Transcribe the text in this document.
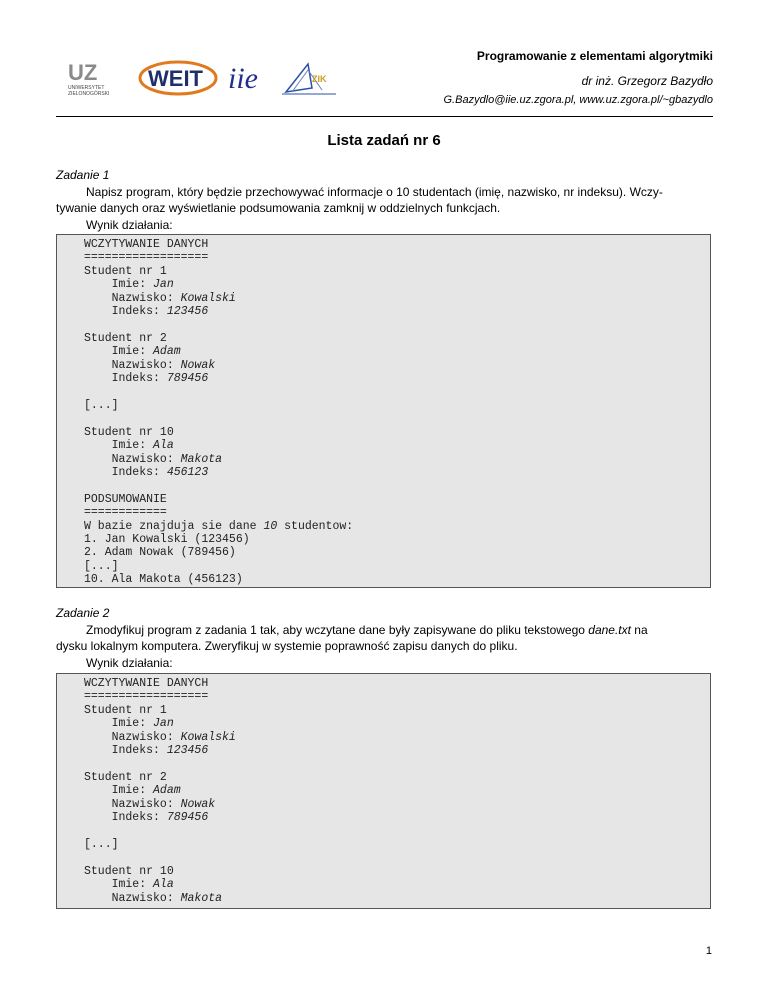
UZ
UNIWERSYTET
ZIELONOGÓRSKI
WEIT iie	ZIK
Programowanie z elementami algorytmiki
dr inż. Grzegorz Bazydło
G.Bazydlo@iie.uz.zgora.pl, www.uz.zgora.pl/~gbazydlo
Lista zadań nr 6
Zadanie 1
Napisz program, który będzie przechowywać informacje o 10 studentach (imię, nazwisko, nr indeksu). Wczy-
tywanie danych oraz wyświetlanie podsumowania zamknij w oddzielnych funkcjach.
Wynik działania:
WCZYTYWANIE DANYCH
==================
Student nr 1
Imie: Jan
Nazwisko: Kowalski
Indeks: 123456

Student nr 2
Imie: Adam
Nazwisko: Nowak
Indeks: 789456

[...]

Student nr 10
Imie: Ala
Nazwisko: Makota
Indeks: 456123

PODSUMOWANIE
============
W bazie znajduja sie dane 10 studentow:
1. Jan Kowalski (123456)
2. Adam Nowak (789456)
[...]
10. Ala Makota (456123)
Zadanie 2
Zmodyfikuj program z zadania 1 tak, aby wczytane dane były zapisywane do pliku tekstowego dane.txt na
dysku lokalnym komputera. Zweryfikuj w systemie poprawność zapisu danych do pliku.
Wynik działania:
WCZYTYWANIE DANYCH
==================
Student nr 1
Imie: Jan
Nazwisko: Kowalski
Indeks: 123456

Student nr 2
Imie: Adam
Nazwisko: Nowak
Indeks: 789456

[...]

Student nr 10
Imie: Ala
Nazwisko: Makota
1
